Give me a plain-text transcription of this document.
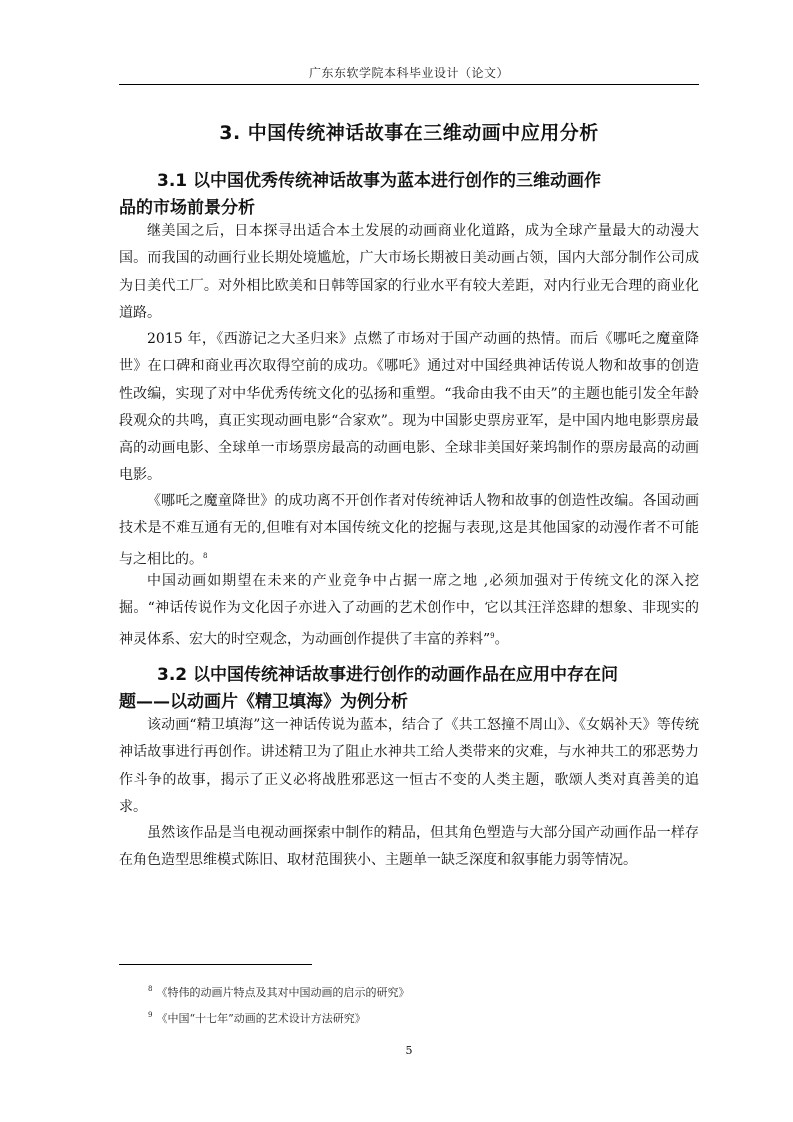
广东东软学院本科毕业设计（论文）
3. 中国传统神话故事在三维动画中应用分析
3.1 以中国优秀传统神话故事为蓝本进行创作的三维动画作
品的市场前景分析

继美国之后，日本探寻出适合本土发展的动画商业化道路，成为全球产量最大的动漫大国。而我国的动画行业长期处境尴尬，广大市场长期被日美动画占领，国内大部分制作公司成为日美代工厂。对外相比欧美和日韩等国家的行业水平有较大差距，对内行业无合理的商业化道路。

2015 年，《西游记之大圣归来》点燃了市场对于国产动画的热情。而后《哪吒之魔童降世》在口碑和商业再次取得空前的成功。《哪吒》通过对中国经典神话传说人物和故事的创造性改编，实现了对中华优秀传统文化的弘扬和重塑。“我命由我不由天”的主题也能引发全年龄段观众的共鸣，真正实现动画电影“合家欢”。现为中国影史票房亚军，是中国内地电影票房最高的动画电影、全球单一市场票房最高的动画电影、全球非美国好莱坞制作的票房最高的动画电影。

《哪吒之魔童降世》的成功离不开创作者对传统神话人物和故事的创造性改编。各国动画技术是不难互通有无的,但唯有对本国传统文化的挖掘与表现,这是其他国家的动漫作者不可能与之相比的。$^8$

中国动画如期望在未来的产业竞争中占据一席之地 ,必须加强对于传统文化的深入挖掘。“神话传说作为文化因子亦进入了动画的艺术创作中，它以其汪洋恣肆的想象、非现实的神灵体系、宏大的时空观念，为动画创作提供了丰富的养料”$^9$。

3.2 以中国传统神话故事进行创作的动画作品在应用中存在问
题——以动画片《精卫填海》为例分析

该动画“精卫填海”这一神话传说为蓝本，结合了《共工怒撞不周山》、《女娲补天》等传统神话故事进行再创作。讲述精卫为了阻止水神共工给人类带来的灾难，与水神共工的邪恶势力作斗争的故事，揭示了正义必将战胜邪恶这一恒古不变的人类主题，歌颂人类对真善美的追求。

虽然该作品是当电视动画探索中制作的精品，但其角色塑造与大部分国产动画作品一样存在角色造型思维模式陈旧、取材范围狭小、主题单一缺乏深度和叙事能力弱等情况。

$^8$ 《特伟的动画片特点及其对中国动画的启示的研究》
$^9$ 《中国“十七年”动画的艺术设计方法研究》
5
